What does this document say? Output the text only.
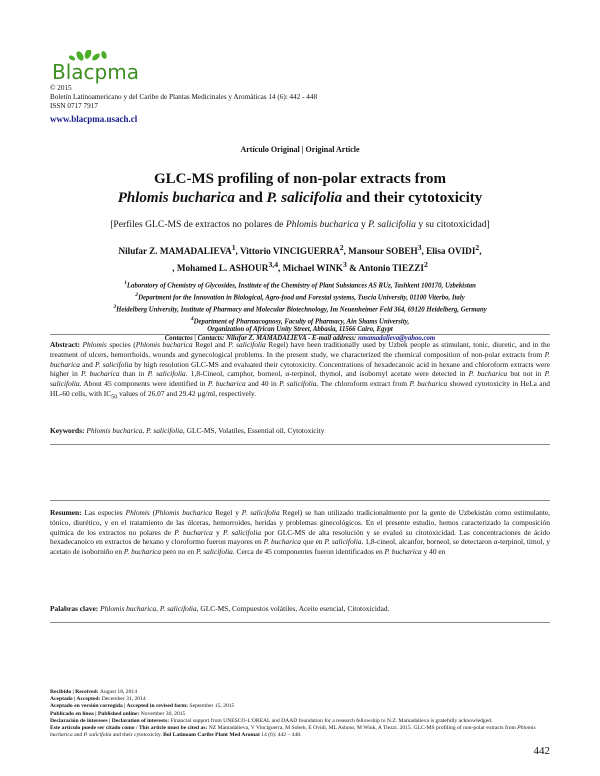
Blacpma
© 2015
Boletín Latinoamericano y del Caribe de Plantas Medicinales y Aromáticas 14 (6): 442 - 448
ISSN 0717 7917
www.blacpma.usach.cl
Artículo Original | Original Article
GLC-MS profiling of non-polar extracts from
Phlomis bucharica and P. salicifolia and their cytotoxicity
[Perfiles GLC-MS de extractos no polares de Phlomis bucharica y P. salicifolia y su citotoxicidad]
Nilufar Z. MAMADALIEVA$^1$, Vittorio VINCIGUERRA$^2$, Mansour SOBEH$^3$, Elisa OVIDI$^2$,
, Mohamed L. ASHOUR$^{3,4}$, Michael WINK$^3$ & Antonio TIEZZI$^2$
$^1$Laboratory of Chemistry of Glycosides, Institute of the Chemistry of Plant Substances AS RUz, Tashkent 100170, Uzbekistan
$^2$Department for the Innovation in Biological, Agro-food and Forestal systems, Tuscia University, 01100 Viterbo, Italy
$^3$Heidelberg University, Institute of Pharmacy and Molecular Biotechnology, Im Neuenheimer Feld 364, 69120 Heidelberg, Germany
$^4$Department of Pharmacognosy, Faculty of Pharmacy, Ain Shams University,
Organization of African Unity Street, Abbasia, 11566 Cairo, Egypt
Contactos | Contacts: Nilufar Z. MAMADALIEVA - E-mail address: nmamadalieva@yahoo.com
Abstract: Phlomis species (Phlomis bucharica Regel and P. salicifolia Regel) have been traditionally used by Uzbek people as stimulant, tonic, diuretic, and in the treatment of ulcers, hemorrhoids, wounds and gynecological problems. In the present study, we characterized the chemical composition of non-polar extracts from P. bucharica and P. salicifolia by high resolution GLC-MS and evaluated their cytotoxicity. Concentrations of hexadecanoic acid in hexane and chloroform extracts were higher in P. bucharica than in P. salicifolia. 1,8-Cineol, camphor, borneol, α-terpinol, thymol, and isobornyl acetate were detected in P. bucharica but not in P. salicifolia. About 45 components were identified in P. bucharica and 40 in P. salicifolia. The chloroform extract from P. bucharica showed cytotoxicity in HeLa and HL-60 cells, with $IC_{50}$ values of 26.07 and 29.42 µg/ml, respectively.
Keywords: Phlomis bucharica, P. salicifolia, GLC-MS, Volatiles, Essential oil, Cytotoxicity
Resumen: Las especies Phlomis (Phlomis bucharica Regel y P. salicifolia Regel) se han utilizado tradicionalmente por la gente de Uzbekistán como estimulante, tónico, diurético, y en el tratamiento de las úlceras, hemorroides, heridas y problemas ginecológicos. En el presente estudio, hemos caracterizado la composición química de los extractos no polares de P. bucharica y P. salicifolia por GLC-MS de alta resolución y se evaluó su citotoxicidad. Las concentraciones de ácido hexadecanoico en extractos de hexano y cloroformo fueron mayores en P. bucharica que en P. salicifolia. 1,8-cineol, alcanfor, borneol, se detectaron α-terpinol, timol, y acetato de isoborniño en P. bucharica pero no en P. salicifolia. Cerca de 45 componentes fueron identificados en P. bucharica y 40 en
Palabras clave: Phlomis bucharica, P. salicifolia, GLC-MS, Compuestos volátiles, Aceite esencial, Citotoxicidad.
Recibido | Received: August 18, 2014
Aceptado | Accepted: December 31, 2014
Aceptado en versión corregida | Accepted in revised form: September 15, 2015
Publicado en línea | Published online: November 30, 2015
Declaración de intereses | Declaration of interests: Financial support from UNESCO-L'OREAL and DAAD foundation for a research fellowship to N.Z. Mamadalieva is gratefully acknowledged.
Este artículo puede ser citado como / This article must be cited as: NZ Mamadalieva, V Vinciguerra, M Sobeh, E Ovidi, ML Ashour, M Wink, A Tiezzi. 2015. GLC-MS profiling of non-polar extracts from Phlomis bucharica and P. salicifolia and their cytotoxicity. Bol Latinoam Caribe Plant Med Aromat 14 (6): 442 – 448.
442
